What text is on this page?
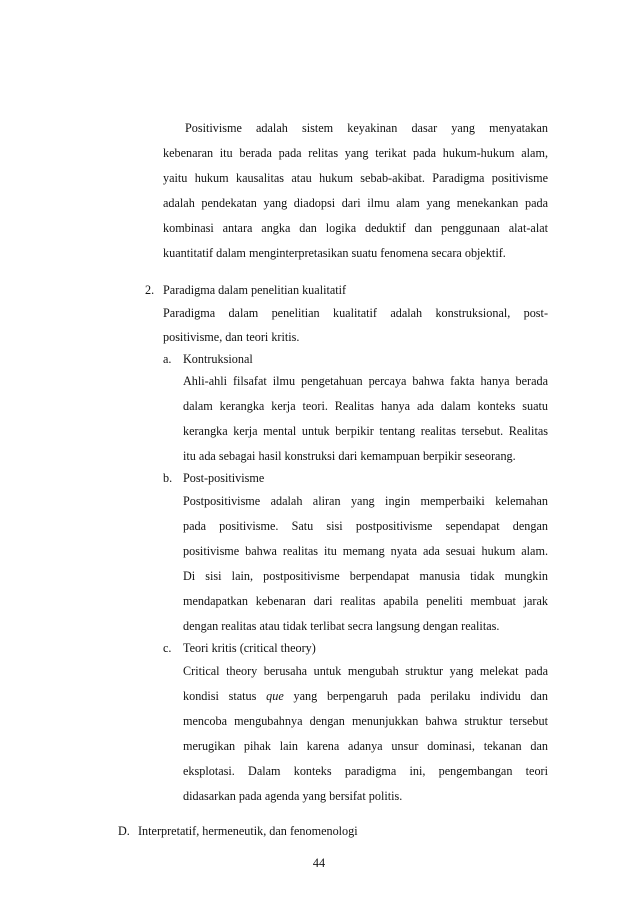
Positivisme adalah sistem keyakinan dasar yang menyatakan
kebenaran itu berada pada relitas yang terikat pada hukum-hukum alam,
yaitu hukum kausalitas atau hukum sebab-akibat. Paradigma positivisme
adalah pendekatan yang diadopsi dari ilmu alam yang menekankan pada
kombinasi antara angka dan logika deduktif dan penggunaan alat-alat
kuantitatif dalam menginterpretasikan suatu fenomena secara objektif.
2. Paradigma dalam penelitian kualitatif
Paradigma dalam penelitian kualitatif adalah konstruksional, post-
positivisme, dan teori kritis.
a. Kontruksional
Ahli-ahli filsafat ilmu pengetahuan percaya bahwa fakta hanya berada
dalam kerangka kerja teori. Realitas hanya ada dalam konteks suatu
kerangka kerja mental untuk berpikir tentang realitas tersebut. Realitas
itu ada sebagai hasil konstruksi dari kemampuan berpikir seseorang.
b. Post-positivisme
Postpositivisme adalah aliran yang ingin memperbaiki kelemahan
pada positivisme. Satu sisi postpositivisme sependapat dengan
positivisme bahwa realitas itu memang nyata ada sesuai hukum alam.
Di sisi lain, postpositivisme berpendapat manusia tidak mungkin
mendapatkan kebenaran dari realitas apabila peneliti membuat jarak
dengan realitas atau tidak terlibat secra langsung dengan realitas.
c. Teori kritis (critical theory)
Critical theory berusaha untuk mengubah struktur yang melekat pada
kondisi status que yang berpengaruh pada perilaku individu dan
mencoba mengubahnya dengan menunjukkan bahwa struktur tersebut
merugikan pihak lain karena adanya unsur dominasi, tekanan dan
eksplotasi. Dalam konteks paradigma ini, pengembangan teori
didasarkan pada agenda yang bersifat politis.
D. Interpretatif, hermeneutik, dan fenomenologi
44
